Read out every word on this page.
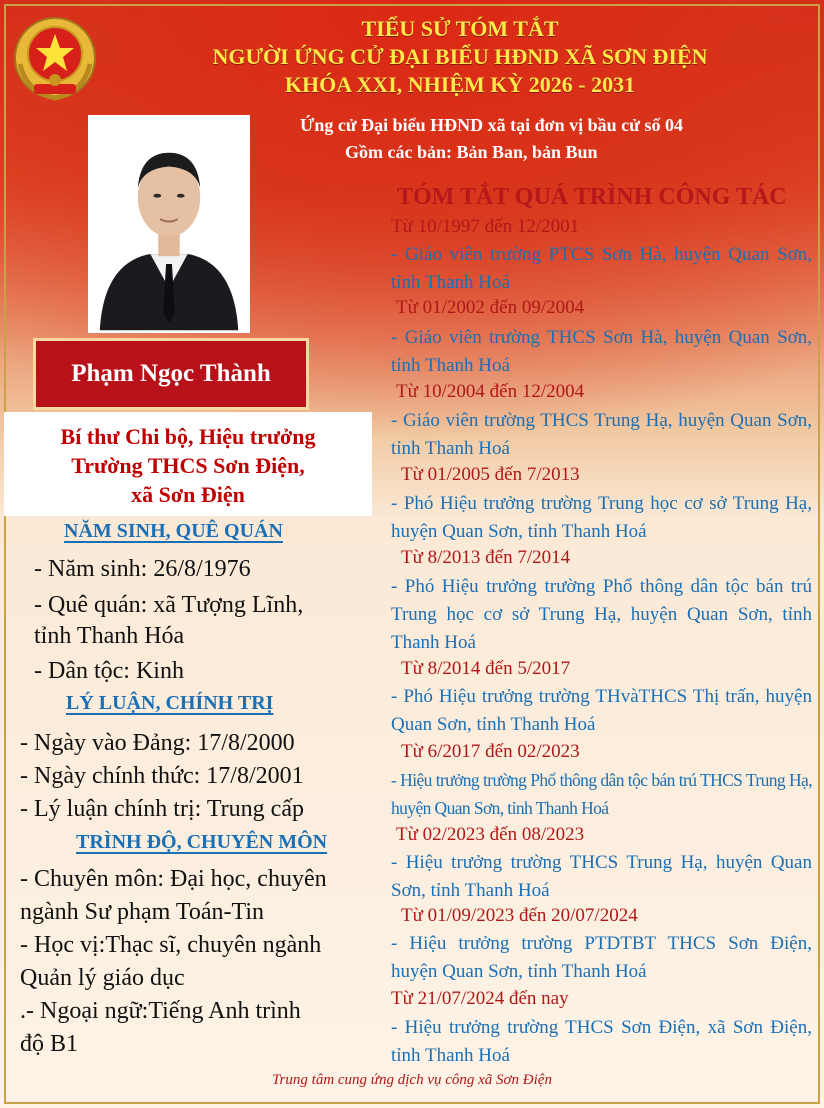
TIỂU SỬ TÓM TẮT
NGƯỜI ỨNG CỬ ĐẠI BIỂU HĐND XÃ SƠN ĐIỆN
KHÓA XXI, NHIỆM KỲ 2026 - 2031
Ứng cử Đại biểu HĐND xã tại đơn vị bầu cử số 04
Gồm các bản: Bản Ban, bản Bun
Phạm Ngọc Thành
Bí thư Chi bộ, Hiệu trưởng
Trường THCS Sơn Điện,
xã Sơn Điện
NĂM SINH, QUÊ QUÁN
- Năm sinh: 26/8/1976
- Quê quán: xã Tượng Lĩnh,
tỉnh Thanh Hóa
- Dân tộc: Kinh
LÝ LUẬN, CHÍNH TRỊ
- Ngày vào Đảng: 17/8/2000
- Ngày chính thức: 17/8/2001
- Lý luận chính trị: Trung cấp
TRÌNH ĐỘ, CHUYÊN MÔN
- Chuyên môn: Đại học, chuyên
ngành Sư phạm Toán-Tin
- Học vị:Thạc sĩ, chuyên ngành
Quản lý giáo dục
.- Ngoại ngữ:Tiếng Anh trình
độ B1
TÓM TẮT QUÁ TRÌNH CÔNG TÁC
Từ 10/1997 đến 12/2001
- Giáo viên trường PTCS Sơn Hà, huyện Quan Sơn, tỉnh Thanh Hoá
Từ 01/2002 đến 09/2004
- Giáo viên trường THCS Sơn Hà, huyện Quan Sơn, tỉnh Thanh Hoá
Từ 10/2004 đến 12/2004
- Giáo viên trường THCS Trung Hạ, huyện Quan Sơn, tỉnh Thanh Hoá
Từ 01/2005 đến 7/2013
- Phó Hiệu trưởng trường Trung học cơ sở Trung Hạ, huyện Quan Sơn, tỉnh Thanh Hoá
Từ 8/2013 đến 7/2014
- Phó Hiệu trưởng trường Phổ thông dân tộc bán trú Trung học cơ sở Trung Hạ, huyện Quan Sơn, tỉnh Thanh Hoá
Từ 8/2014 đến 5/2017
- Phó Hiệu trưởng trường THvàTHCS Thị trấn, huyện Quan Sơn, tỉnh Thanh Hoá
Từ 6/2017 đến 02/2023
- Hiệu trưởng trường Phổ thông dân tộc bán trú THCS Trung Hạ, huyện Quan Sơn, tỉnh Thanh Hoá
Từ 02/2023 đến 08/2023
- Hiệu trưởng trường THCS Trung Hạ, huyện Quan Sơn, tỉnh Thanh Hoá
Từ 01/09/2023 đến 20/07/2024
- Hiệu trưởng trường PTDTBT THCS Sơn Điện, huyện Quan Sơn, tỉnh Thanh Hoá
Từ 21/07/2024 đến nay
- Hiệu trưởng trường THCS Sơn Điện, xã Sơn Điện, tỉnh Thanh Hoá
Trung tâm cung ứng dịch vụ công xã Sơn Điện
